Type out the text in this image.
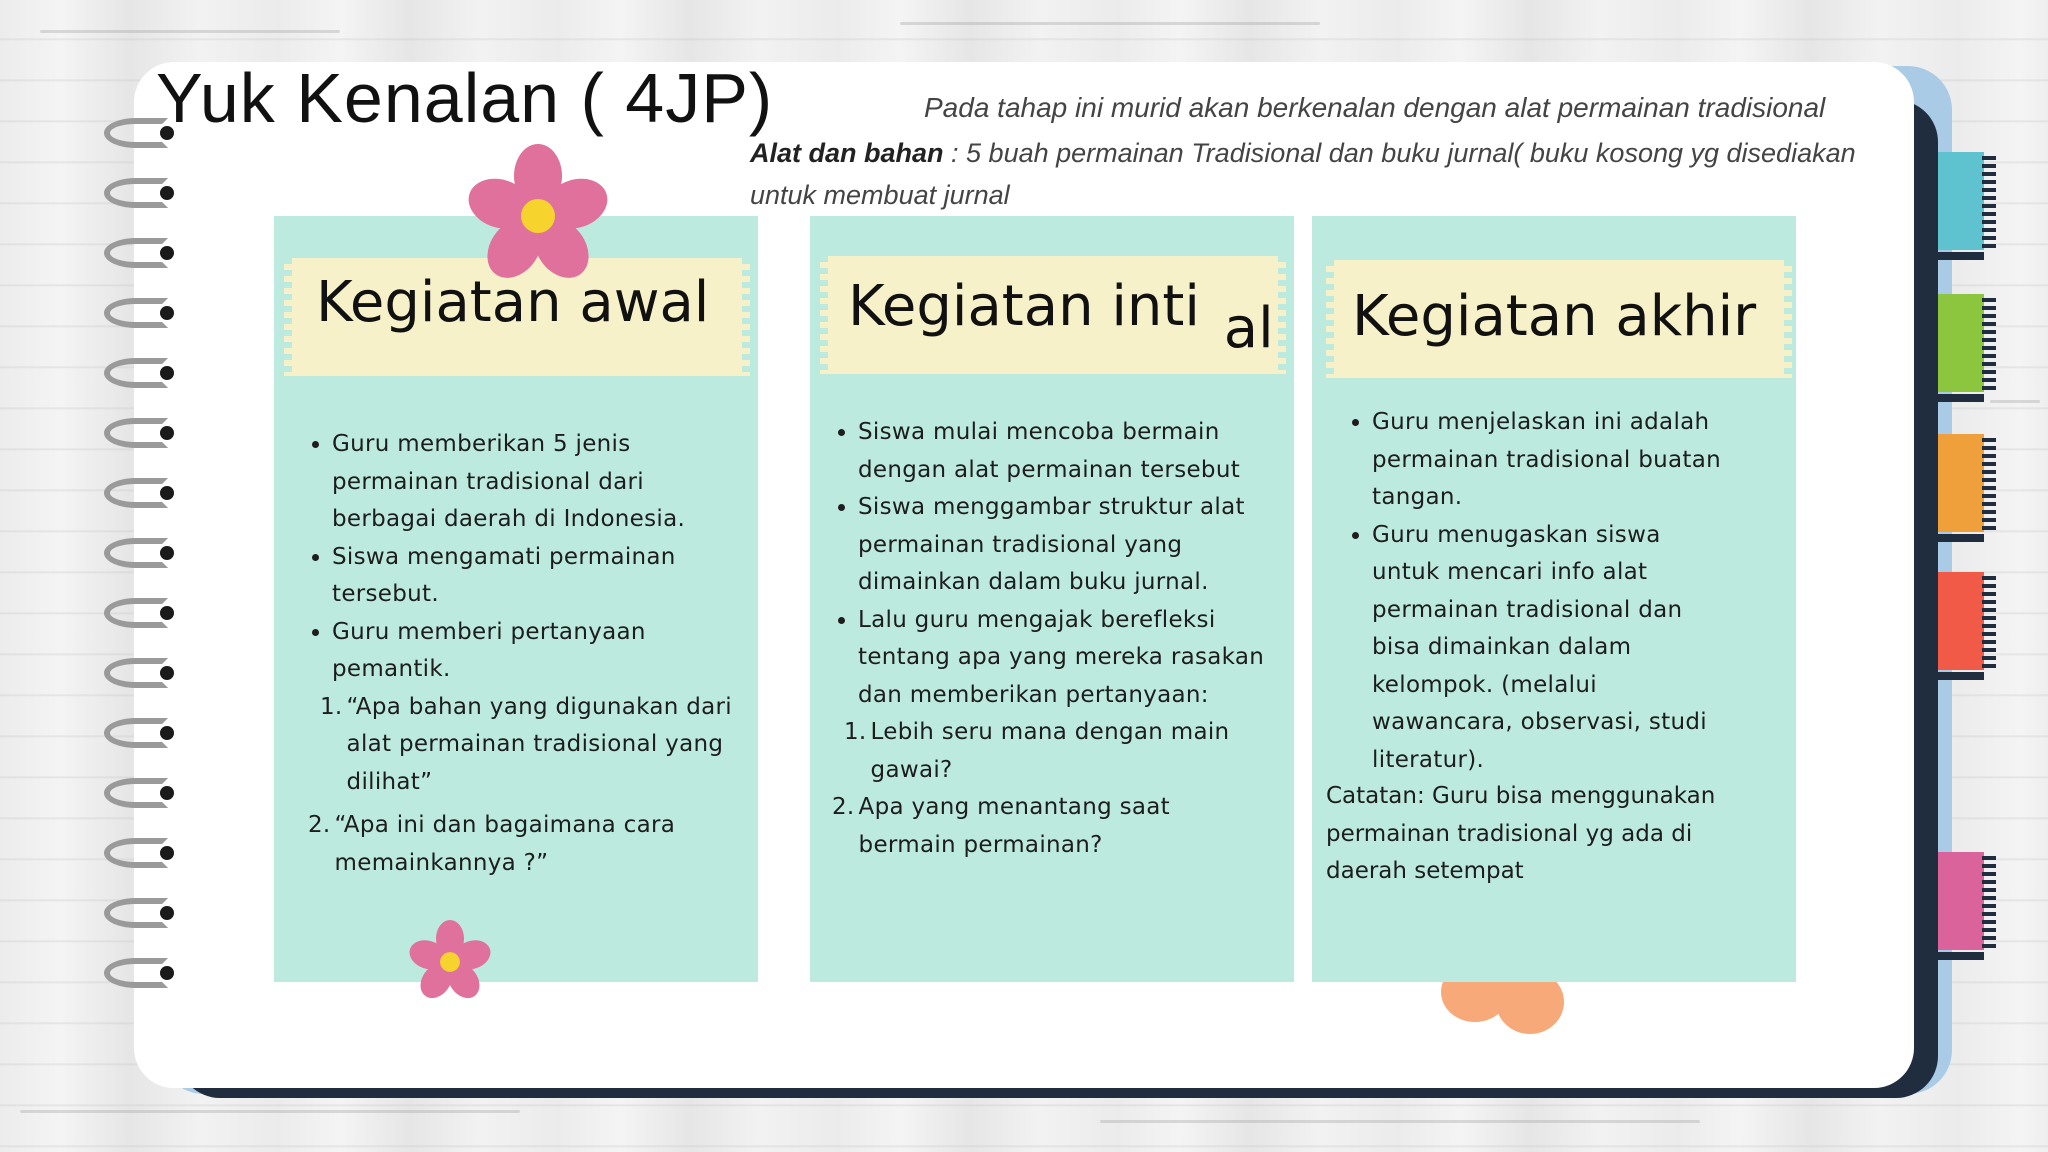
Yuk Kenalan ( 4JP)	Pada tahap ini murid akan berkenalan dengan alat permainan tradisional
Alat dan bahan : 5 buah permainan Tradisional dan buku jurnal( buku kosong yg disediakan untuk membuat jurnal
Kegiatan awal
• Guru memberikan 5 jenis permainan tradisional dari berbagai daerah di Indonesia.
• Siswa mengamati permainan tersebut.
• Guru memberi pertanyaan pemantik.
1. “Apa bahan yang digunakan dari alat permainan tradisional yang dilihat”
2. “Apa ini dan bagaimana cara memainkannya ?”
Kegiatan inti al
• Siswa mulai mencoba bermain dengan alat permainan tersebut
• Siswa menggambar struktur alat permainan tradisional yang dimainkan dalam buku jurnal.
• Lalu guru mengajak berefleksi tentang apa yang mereka rasakan dan memberikan pertanyaan:
1. Lebih seru mana dengan main gawai?
2. Apa yang menantang saat bermain permainan?
Kegiatan akhir
• Guru menjelaskan ini adalah permainan tradisional buatan tangan.
• Guru menugaskan siswa untuk mencari info alat permainan tradisional dan bisa dimainkan dalam kelompok. (melalui wawancara, observasi, studi literatur).
Catatan: Guru bisa menggunakan permainan tradisional yg ada di daerah setempat
